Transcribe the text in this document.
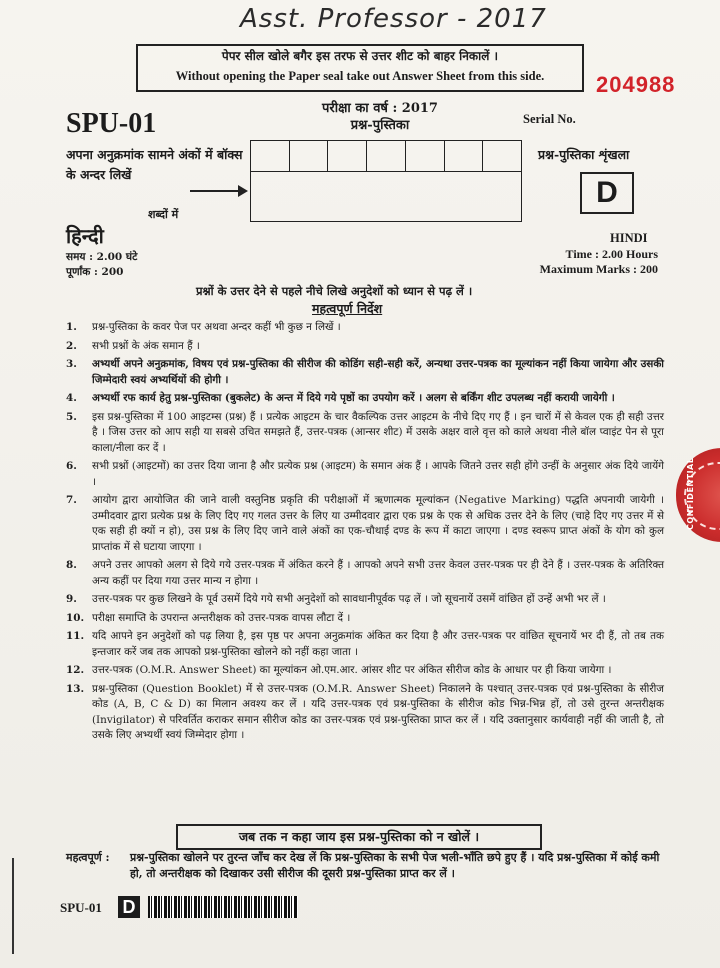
Asst. Professor - 2017
पेपर सील खोले बगैर इस तरफ से उत्तर शीट को बाहर निकालें ।
Without opening the Paper seal take out Answer Sheet from this side.	204988
परीक्षा का वर्ष : 2017
प्रश्न-पुस्तिका
SPU-01	Serial No.
अपना अनुक्रमांक सामने अंकों में बॉक्स के अन्दर लिखें
शब्दों में
प्रश्न-पुस्तिका शृंखला
D
हिन्दी	HINDI
समय : 2.00 घंटे
पूर्णांक : 200
Time : 2.00 Hours
Maximum Marks : 200
प्रश्नों के उत्तर देने से पहले नीचे लिखे अनुदेशों को ध्यान से पढ़ लें ।
महत्वपूर्ण निर्देश
1. प्रश्न-पुस्तिका के कवर पेज पर अथवा अन्दर कहीं भी कुछ न लिखें ।
2. सभी प्रश्नों के अंक समान हैं ।
3. अभ्यर्थी अपने अनुक्रमांक, विषय एवं प्रश्न-पुस्तिका की सीरीज की कोडिंग सही-सही करें, अन्यथा उत्तर-पत्रक का मूल्यांकन नहीं किया जायेगा और उसकी जिम्मेदारी स्वयं अभ्यर्थियों की होगी ।
4. अभ्यर्थी रफ कार्य हेतु प्रश्न-पुस्तिका (बुकलेट) के अन्त में दिये गये पृष्ठों का उपयोग करें । अलग से बर्किंग शीट उपलब्ध नहीं करायी जायेगी ।
5. इस प्रश्न-पुस्तिका में 100 आइटम्स (प्रश्न) हैं । प्रत्येक आइटम के चार वैकल्पिक उत्तर आइटम के नीचे दिए गए हैं । इन चारों में से केवल एक ही सही उत्तर है । जिस उत्तर को आप सही या सबसे उचित समझते हैं, उत्तर-पत्रक (आन्सर शीट) में उसके अक्षर वाले वृत्त को काले अथवा नीले बॉल प्वाइंट पेन से पूरा काला/नीला कर दें ।
6. सभी प्रश्नों (आइटमों) का उत्तर दिया जाना है और प्रत्येक प्रश्न (आइटम) के समान अंक हैं । आपके जितने उत्तर सही होंगे उन्हीं के अनुसार अंक दिये जायेंगे ।
7. आयोग द्वारा आयोजित की जाने वाली वस्तुनिष्ठ प्रकृति की परीक्षाओं में ऋणात्मक मूल्यांकन (Negative Marking) पद्धति अपनायी जायेगी । उम्मीदवार द्वारा प्रत्येक प्रश्न के लिए दिए गए गलत उत्तर के लिए या उम्मीदवार द्वारा एक प्रश्न के एक से अधिक उत्तर देने के लिए (चाहे दिए गए उत्तर में से एक सही ही क्यों न हो), उस प्रश्न के लिए दिए जाने वाले अंकों का एक-चौथाई दण्ड के रूप में काटा जाएगा । दण्ड स्वरूप प्राप्त अंकों के योग को कुल प्राप्तांक में से घटाया जाएगा ।
8. अपने उत्तर आपको अलग से दिये गये उत्तर-पत्रक में अंकित करने हैं । आपको अपने सभी उत्तर केवल उत्तर-पत्रक पर ही देने हैं । उत्तर-पत्रक के अतिरिक्त अन्य कहीं पर दिया गया उत्तर मान्य न होगा ।
9. उत्तर-पत्रक पर कुछ लिखने के पूर्व उसमें दिये गये सभी अनुदेशों को सावधानीपूर्वक पढ़ लें । जो सूचनायें उसमें वांछित हों उन्हें अभी भर लें ।
10. परीक्षा समाप्ति के उपरान्त अन्तरीक्षक को उत्तर-पत्रक वापस लौटा दें ।
11. यदि आपने इन अनुदेशों को पढ़ लिया है, इस पृष्ठ पर अपना अनुक्रमांक अंकित कर दिया है और उत्तर-पत्रक पर वांछित सूचनायें भर दी हैं, तो तब तक इन्तजार करें जब तक आपको प्रश्न-पुस्तिका खोलने को नहीं कहा जाता ।
12. उत्तर-पत्रक (O.M.R. Answer Sheet) का मूल्यांकन ओ.एम.आर. आंसर शीट पर अंकित सीरीज कोड के आधार पर ही किया जायेगा ।
13. प्रश्न-पुस्तिका (Question Booklet) में से उत्तर-पत्रक (O.M.R. Answer Sheet) निकालने के पश्चात् उत्तर-पत्रक एवं प्रश्न-पुस्तिका के सीरीज कोड (A, B, C & D) का मिलान अवश्य कर लें । यदि उत्तर-पत्रक एवं प्रश्न-पुस्तिका के सीरीज कोड भिन्न-भिन्न हों, तो उसे तुरन्त अन्तरीक्षक (Invigilator) से परिवर्तित कराकर समान सीरीज कोड का उत्तर-पत्रक एवं प्रश्न-पुस्तिका प्राप्त कर लें । यदि उक्तानुसार कार्यवाही नहीं की जाती है, तो उसके लिए अभ्यर्थी स्वयं जिम्मेदार होगा ।
जब तक न कहा जाय इस प्रश्न-पुस्तिका को न खोलें ।
महत्वपूर्ण : प्रश्न-पुस्तिका खोलने पर तुरन्त जाँच कर देख लें कि प्रश्न-पुस्तिका के सभी पेज भली-भाँति छपे हुए हैं । यदि प्रश्न-पुस्तिका में कोई कमी हो, तो अन्तरीक्षक को दिखाकर उसी सीरीज की दूसरी प्रश्न-पुस्तिका प्राप्त कर लें ।
SPU-01 D
CONFIDENTIAL
